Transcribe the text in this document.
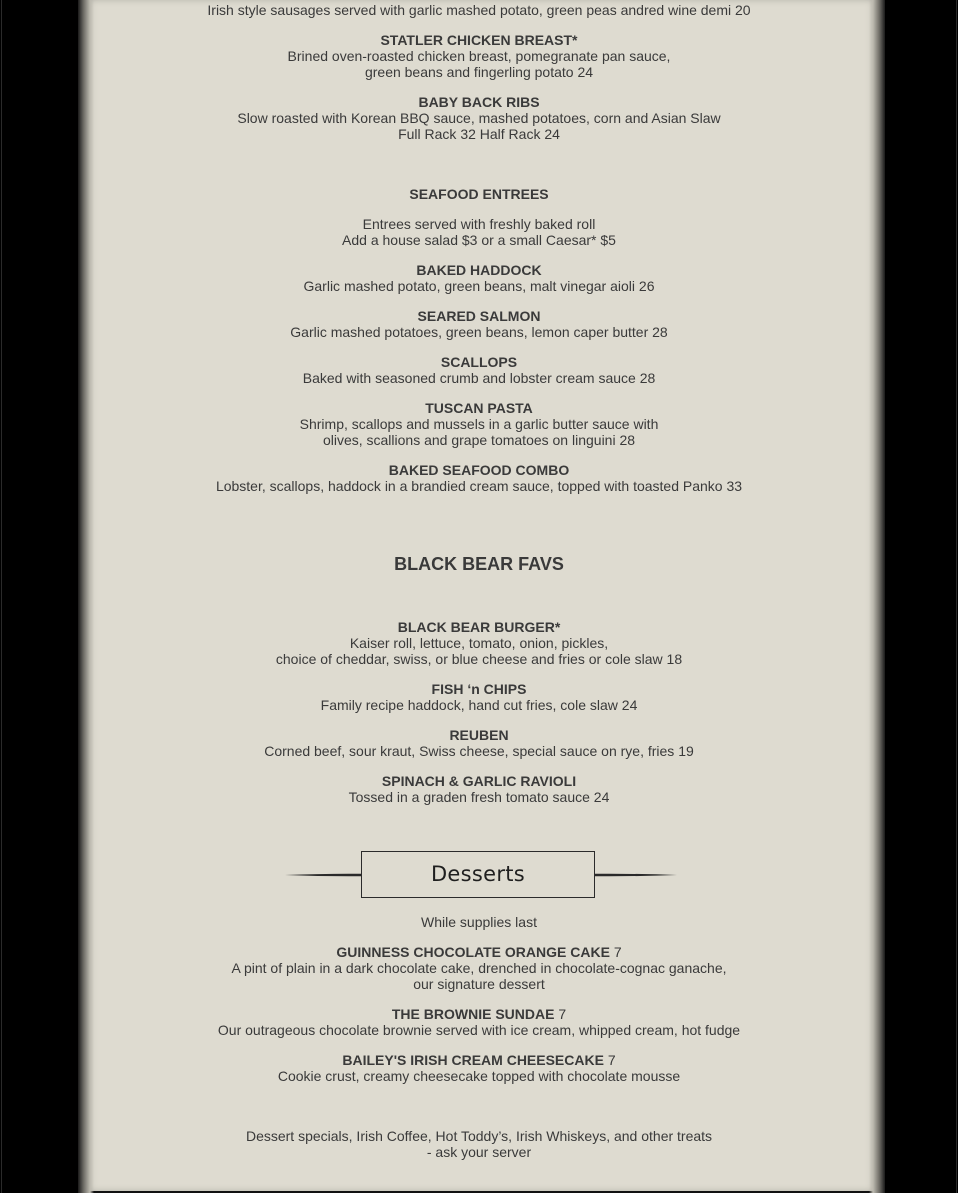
Irish style sausages served with garlic mashed potato, green peas andred wine demi 20
STATLER CHICKEN BREAST*
Brined oven-roasted chicken breast, pomegranate pan sauce,
green beans and fingerling potato 24
BABY BACK RIBS
Slow roasted with Korean BBQ sauce, mashed potatoes, corn and Asian Slaw
Full Rack 32 Half Rack 24
SEAFOOD ENTREES
Entrees served with freshly baked roll
Add a house salad $3 or a small Caesar* $5
BAKED HADDOCK
Garlic mashed potato, green beans, malt vinegar aioli 26
SEARED SALMON
Garlic mashed potatoes, green beans, lemon caper butter 28
SCALLOPS
Baked with seasoned crumb and lobster cream sauce 28
TUSCAN PASTA
Shrimp, scallops and mussels in a garlic butter sauce with
olives, scallions and grape tomatoes on linguini 28
BAKED SEAFOOD COMBO
Lobster, scallops, haddock in a brandied cream sauce, topped with toasted Panko 33
BLACK BEAR FAVS
BLACK BEAR BURGER*
Kaiser roll, lettuce, tomato, onion, pickles,
choice of cheddar, swiss, or blue cheese and fries or cole slaw 18
FISH ‘n CHIPS
Family recipe haddock, hand cut fries, cole slaw 24
REUBEN
Corned beef, sour kraut, Swiss cheese, special sauce on rye, fries 19
SPINACH & GARLIC RAVIOLI
Tossed in a graden fresh tomato sauce 24
While supplies last
GUINNESS CHOCOLATE ORANGE CAKE 7
A pint of plain in a dark chocolate cake, drenched in chocolate-cognac ganache,
our signature dessert
THE BROWNIE SUNDAE 7
Our outrageous chocolate brownie served with ice cream, whipped cream, hot fudge
BAILEY'S IRISH CREAM CHEESECAKE 7
Cookie crust, creamy cheesecake topped with chocolate mousse
Dessert specials, Irish Coffee, Hot Toddy’s, Irish Whiskeys, and other treats
- ask your server
Desserts
